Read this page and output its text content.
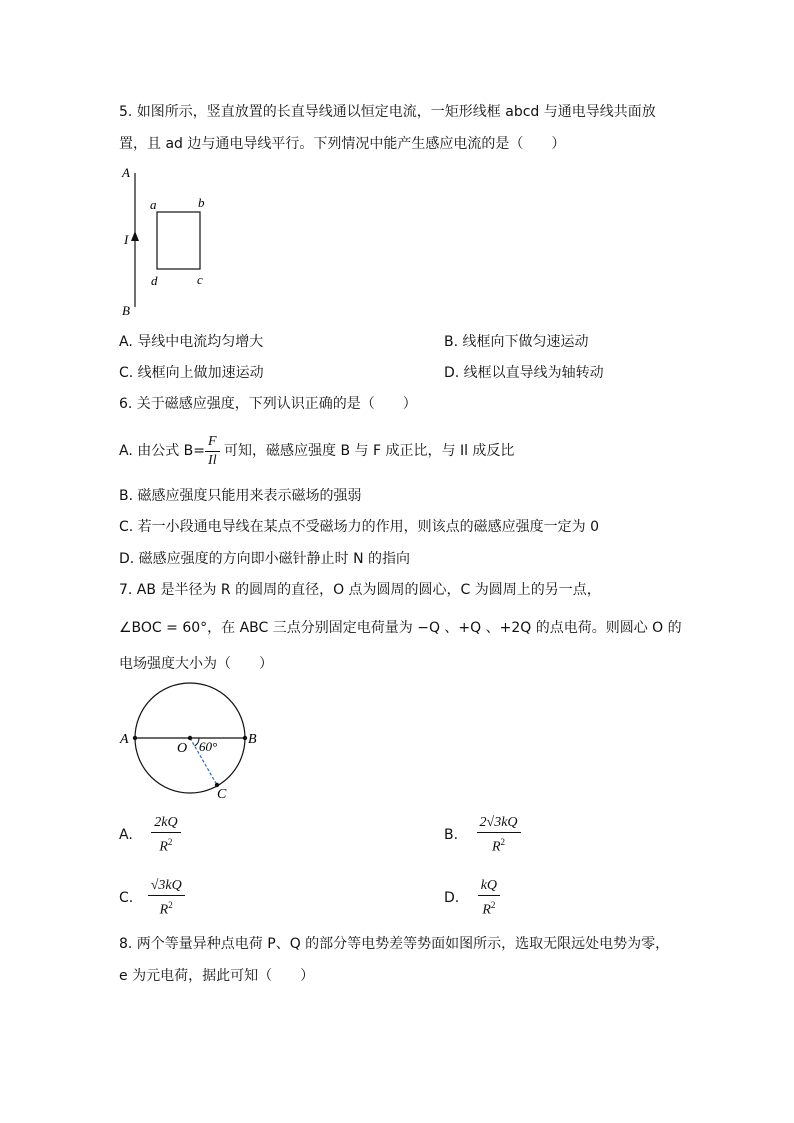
5. 如图所示，竖直放置的长直导线通以恒定电流，一矩形线框 abcd 与通电导线共面放
置，且 ad 边与通电导线平行。下列情况中能产生感应电流的是（　　）
A
B
I
a	b
c
d
A. 导线中电流均匀增大	B. 线框向下做匀速运动
C. 线框向上做加速运动	D. 线框以直导线为轴转动
6. 关于磁感应强度，下列认识正确的是（　　）
A. 由公式 $B= \frac{F}{Il}$ 可知，磁感应强度 B 与 F 成正比，与 Il 成反比
B. 磁感应强度只能用来表示磁场的强弱
C. 若一小段通电导线在某点不受磁场力的作用，则该点的磁感应强度一定为 0
D. 磁感应强度的方向即小磁针静止时 N 的指向
7. AB 是半径为 R 的圆周的直径，O 点为圆周的圆心，C 为圆周上的另一点，
∠BOC = 60°，在 ABC 三点分别固定电荷量为 −Q 、+Q 、+2Q 的点电荷。则圆心 O 的
电场强度大小为（　　）
A	B
O
C
60°
A. $\frac{2kQ}{R^2}$	B. $\frac{2√3kQ}{R^2}$
C. $\frac{√3kQ}{R^2}$	D. $\frac{kQ}{R^2}$
8. 两个等量异种点电荷 P、Q 的部分等电势差等势面如图所示，选取无限远处电势为零，
e 为元电荷，据此可知（　　）
